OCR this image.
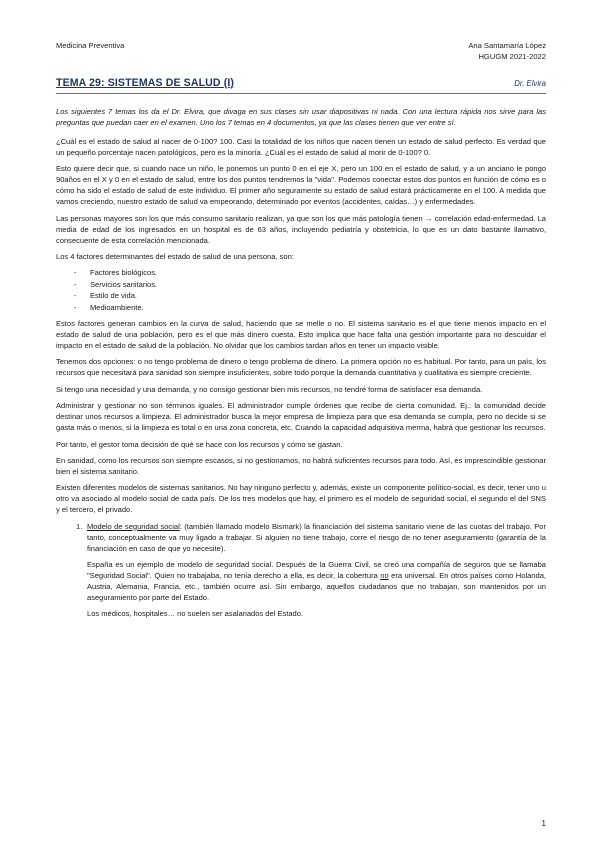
Medicina Preventiva	Ana Santamaría López
HGUGM 2021-2022
TEMA 29: SISTEMAS DE SALUD (I)	Dr. Elvira

Los siguientes 7 temas los da el Dr. Elvira, que divaga en sus clases sin usar diapositivas ni nada. Con una lectura rápida nos sirve para las preguntas que puedan caer en el examen. Uno los 7 temas en 4 documentos, ya que las clases tienen que ver entre sí.

¿Cuál es el estado de salud al nacer de 0-100? 100. Casi la totalidad de los niños que nacen tienen un estado de salud perfecto. Es verdad que un pequeño porcentaje nacen patológicos, pero es la minoría. ¿Cuál es el estado de salud al morir de 0-100? 0.

Esto quiere decir que, si cuando nace un niño, le ponemos un punto 0 en el eje X, pero un 100 en el estado de salud, y a un anciano le pongo 90años en el X y 0 en el estado de salud, entre los dos puntos tendremos la "vida". Podemos conectar estos dos puntos en función de cómo es o cómo ha sido el estado de salud de este individuo. El primer año seguramente su estado de salud estará prácticamente en el 100. A medida que vamos creciendo, nuestro estado de salud va empeorando, determinado por eventos (accidentes, caídas…) y enfermedades.

Las personas mayores son los que más consumo sanitario realizan, ya que son los que más patología tienen → correlación edad-enfermedad. La media de edad de los ingresados en un hospital es de 63 años, incluyendo pediatría y obstetricia, lo que es un dato bastante llamativo, consecuente de esta correlación mencionada.

Los 4 factores determinantes del estado de salud de una persona, son:

-	Factores biológicos.
-	Servicios sanitarios.
-	Estilo de vida.
-	Medioambiente.

Estos factores generan cambios en la curva de salud, haciendo que se melle o no. El sistema sanitario es el que tiene menos impacto en el estado de salud de una población, pero es el que más dinero cuesta. Esto implica que hace falta una gestión importante para no descuidar el impacto en el estado de salud de la población. No olvidar que los cambios tardan años en tener un impacto visible.

Tenemos dos opciones: o no tengo problema de dinero o tengo problema de dinero. La primera opción no es habitual. Por tanto, para un país, los recursos que necesitará para sanidad son siempre insuficientes, sobre todo porque la demanda cuantitativa y cualitativa es siempre creciente.

Si tengo una necesidad y una demanda, y no consigo gestionar bien mis recursos, no tendré forma de satisfacer esa demanda.

Administrar y gestionar no son términos iguales. El administrador cumple órdenes que recibe de cierta comunidad. Ej.: la comunidad decide destinar unos recursos a limpieza. El administrador busca la mejor empresa de limpieza para que esa demanda se cumpla, pero no decide si se gasta más o menos, si la limpieza es total o en una zona concreta, etc. Cuando la capacidad adquisitiva merma, habrá que gestionar los recursos.

Por tanto, el gestor toma decisión de qué se hace con los recursos y cómo se gastan.

En sanidad, como los recursos son siempre escasos, si no gestionamos, no habrá suficientes recursos para todo. Así, es imprescindible gestionar bien el sistema sanitario.

Existen diferentes modelos de sistemas sanitarios. No hay ninguno perfecto y, además, existe un componente político-social, es decir, tener uno u otro va asociado al modelo social de cada país. De los tres modelos que hay, el primero es el modelo de seguridad social, el segundo el del SNS y el tercero, el privado.

1. Modelo de seguridad social: (también llamado modelo Bismark) la financiación del sistema sanitario viene de las cuotas del trabajo. Por tanto, conceptualmente va muy ligado a trabajar. Si alguien no tiene trabajo, corre el riesgo de no tener aseguramiento (garantía de la financiación en caso de que yo necesite).

España es un ejemplo de modelo de seguridad social. Después de la Guerra Civil, se creó una compañía de seguros que se llamaba "Seguridad Social". Quien no trabajaba, no tenía derecho a ella, es decir, la cobertura no era universal. En otros países como Holanda, Austria, Alemania, Francia, etc., también ocurre así. Sin embargo, aquellos ciudadanos que no trabajan, son mantenidos por un aseguramiento por parte del Estado.

Los médicos, hospitales… no suelen ser asalariados del Estado.

1
